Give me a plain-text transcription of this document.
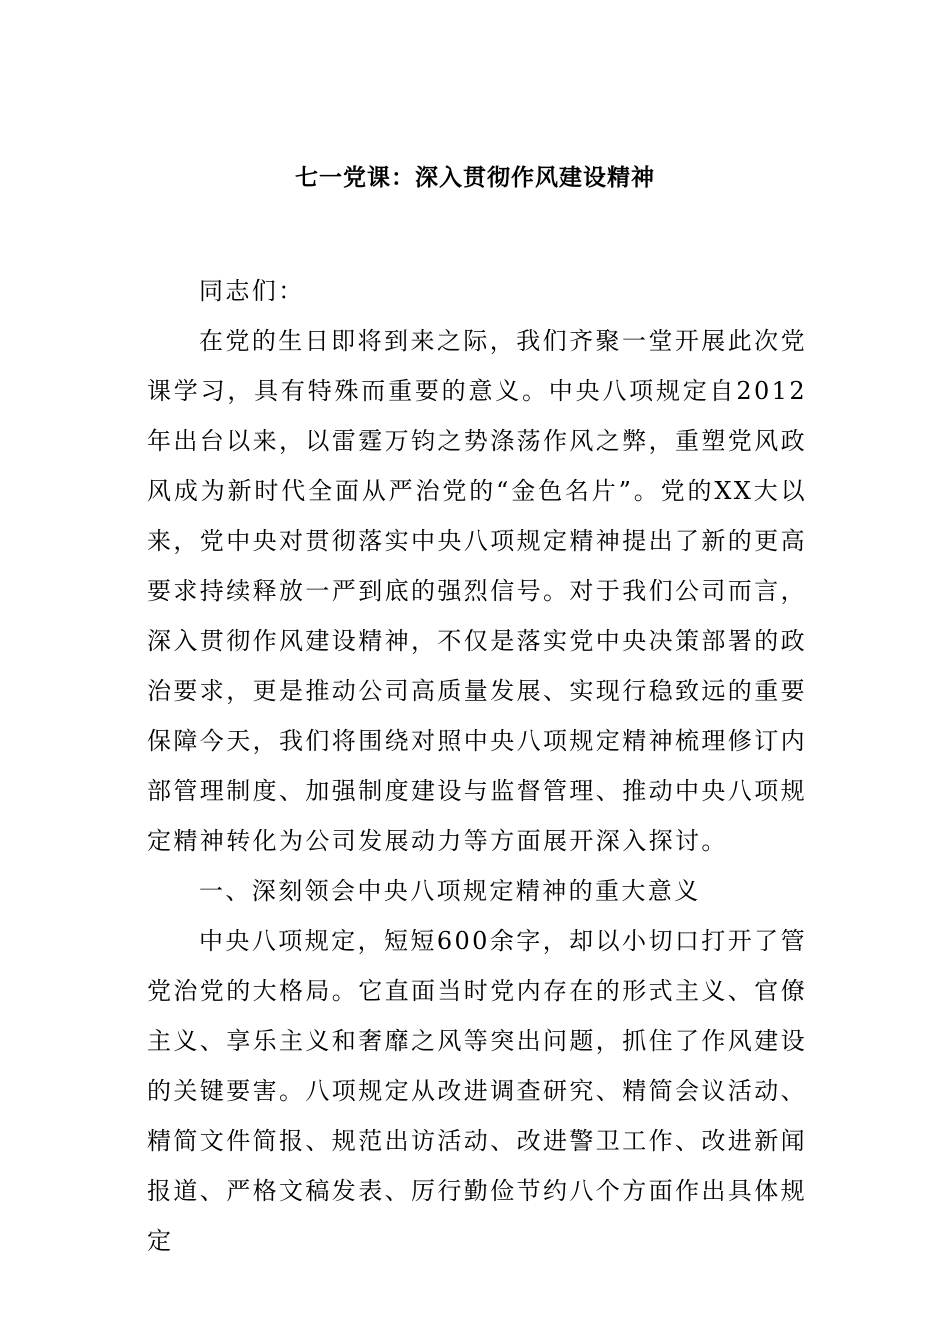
七一党课：深入贯彻作风建设精神

同志们：

在党的生日即将到来之际，我们齐聚一堂开展此次党课学习，具有特殊而重要的意义。中央八项规定自2012年出台以来，以雷霆万钧之势涤荡作风之弊，重塑党风政风成为新时代全面从严治党的“金色名片”。党的XX大以来，党中央对贯彻落实中央八项规定精神提出了新的更高要求持续释放一严到底的强烈信号。对于我们公司而言，深入贯彻作风建设精神，不仅是落实党中央决策部署的政治要求，更是推动公司高质量发展、实现行稳致远的重要保障今天，我们将围绕对照中央八项规定精神梳理修订内部管理制度、加强制度建设与监督管理、推动中央八项规定精神转化为公司发展动力等方面展开深入探讨。

一、深刻领会中央八项规定精神的重大意义

中央八项规定，短短600余字，却以小切口打开了管党治党的大格局。它直面当时党内存在的形式主义、官僚主义、享乐主义和奢靡之风等突出问题，抓住了作风建设的关键要害。八项规定从改进调查研究、精简会议活动、精简文件简报、规范出访活动、改进警卫工作、改进新闻报道、严格文稿发表、厉行勤俭节约八个方面作出具体规定
